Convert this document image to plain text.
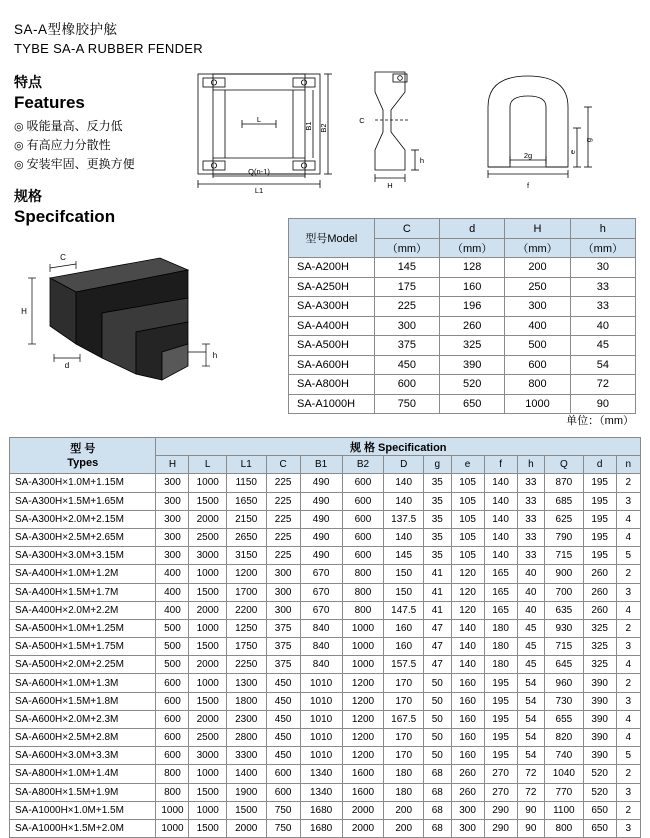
SA-A型橡胶护舷
TYBE SA-A RUBBER FENDER
特点
Features
◎ 吸能量高、反力低
◎ 有高应力分散性
◎ 安装牢固、更换方便
规格
Specifcation
B2
B1
L
Q(n-1)
L1
C
h
H
e
g
2g
f
C
H
d
h
型号Model	C	d	H	h
	（mm）	（mm）	（mm）	（mm）
SA-A200H	145	128	200	30
SA-A250H	175	160	250	33
SA-A300H	225	196	300	33
SA-A400H	300	260	400	40
SA-A500H	375	325	500	45
SA-A600H	450	390	600	54
SA-A800H	600	520	800	72
SA-A1000H	750	650	1000	90
单位：（mm）
型 号
Types	规 格 Specification													
	H	L	L1	C	B1	B2	D	g	e	f	h	Q	d	n
SA-A300H×1.0M+1.15M	300	1000	1150	225	490	600	140	35	105	140	33	870	195	2
SA-A300H×1.5M+1.65M	300	1500	1650	225	490	600	140	35	105	140	33	685	195	3
SA-A300H×2.0M+2.15M	300	2000	2150	225	490	600	137.5	35	105	140	33	625	195	4
SA-A300H×2.5M+2.65M	300	2500	2650	225	490	600	140	35	105	140	33	790	195	4
SA-A300H×3.0M+3.15M	300	3000	3150	225	490	600	145	35	105	140	33	715	195	5
SA-A400H×1.0M+1.2M	400	1000	1200	300	670	800	150	41	120	165	40	900	260	2
SA-A400H×1.5M+1.7M	400	1500	1700	300	670	800	150	41	120	165	40	700	260	3
SA-A400H×2.0M+2.2M	400	2000	2200	300	670	800	147.5	41	120	165	40	635	260	4
SA-A500H×1.0M+1.25M	500	1000	1250	375	840	1000	160	47	140	180	45	930	325	2
SA-A500H×1.5M+1.75M	500	1500	1750	375	840	1000	160	47	140	180	45	715	325	3
SA-A500H×2.0M+2.25M	500	2000	2250	375	840	1000	157.5	47	140	180	45	645	325	4
SA-A600H×1.0M+1.3M	600	1000	1300	450	1010	1200	170	50	160	195	54	960	390	2
SA-A600H×1.5M+1.8M	600	1500	1800	450	1010	1200	170	50	160	195	54	730	390	3
SA-A600H×2.0M+2.3M	600	2000	2300	450	1010	1200	167.5	50	160	195	54	655	390	4
SA-A600H×2.5M+2.8M	600	2500	2800	450	1010	1200	170	50	160	195	54	820	390	4
SA-A600H×3.0M+3.3M	600	3000	3300	450	1010	1200	170	50	160	195	54	740	390	5
SA-A800H×1.0M+1.4M	800	1000	1400	600	1340	1600	180	68	260	270	72	1040	520	2
SA-A800H×1.5M+1.9M	800	1500	1900	600	1340	1600	180	68	260	270	72	770	520	3
SA-A1000H×1.0M+1.5M	1000	1000	1500	750	1680	2000	200	68	300	290	90	1100	650	2
SA-A1000H×1.5M+2.0M	1000	1500	2000	750	1680	2000	200	68	300	290	90	800	650	3
